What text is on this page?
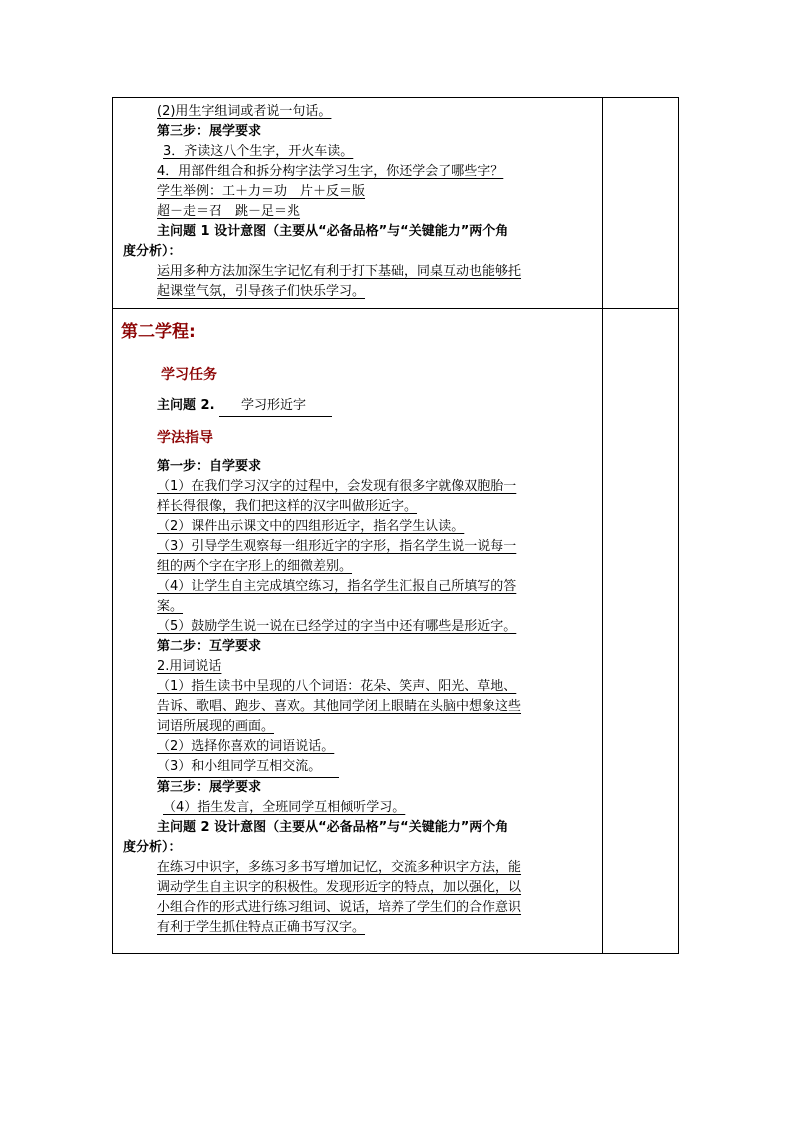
(2)用生字组词或者说一句话。
第三步：展学要求
3．齐读这八个生字，开火车读。
4．用部件组合和拆分构字法学习生字，你还学会了哪些字？
学生举例：工＋力＝功　片＋反＝版
超－走＝召　跳－足＝兆
主问题 1 设计意图（主要从“必备品格”与“关键能力”两个角
度分析）：
运用多种方法加深生字记忆有利于打下基础，同桌互动也能够托
起课堂气氛，引导孩子们快乐学习。
第二学程:
学习任务
主问题 2. 学习形近字
学法指导
第一步：自学要求
（1）在我们学习汉字的过程中，会发现有很多字就像双胞胎一
样长得很像，我们把这样的汉字叫做形近字。
（2）课件出示课文中的四组形近字，指名学生认读。
（3）引导学生观察每一组形近字的字形，指名学生说一说每一
组的两个字在字形上的细微差别。
（4）让学生自主完成填空练习，指名学生汇报自己所填写的答
案。
（5）鼓励学生说一说在已经学过的字当中还有哪些是形近字。
第二步：互学要求
2.用词说话
（1）指生读书中呈现的八个词语：花朵、笑声、阳光、草地、
告诉、歌唱、跑步、喜欢。其他同学闭上眼睛在头脑中想象这些
词语所展现的画面。
（2）选择你喜欢的词语说话。
（3）和小组同学互相交流。
第三步：展学要求
（4）指生发言，全班同学互相倾听学习。
主问题 2 设计意图（主要从“必备品格”与“关键能力”两个角
度分析）：
在练习中识字，多练习多书写增加记忆，交流多种识字方法，能
调动学生自主识字的积极性。发现形近字的特点，加以强化，以
小组合作的形式进行练习组词、说话，培养了学生们的合作意识
有利于学生抓住特点正确书写汉字。
